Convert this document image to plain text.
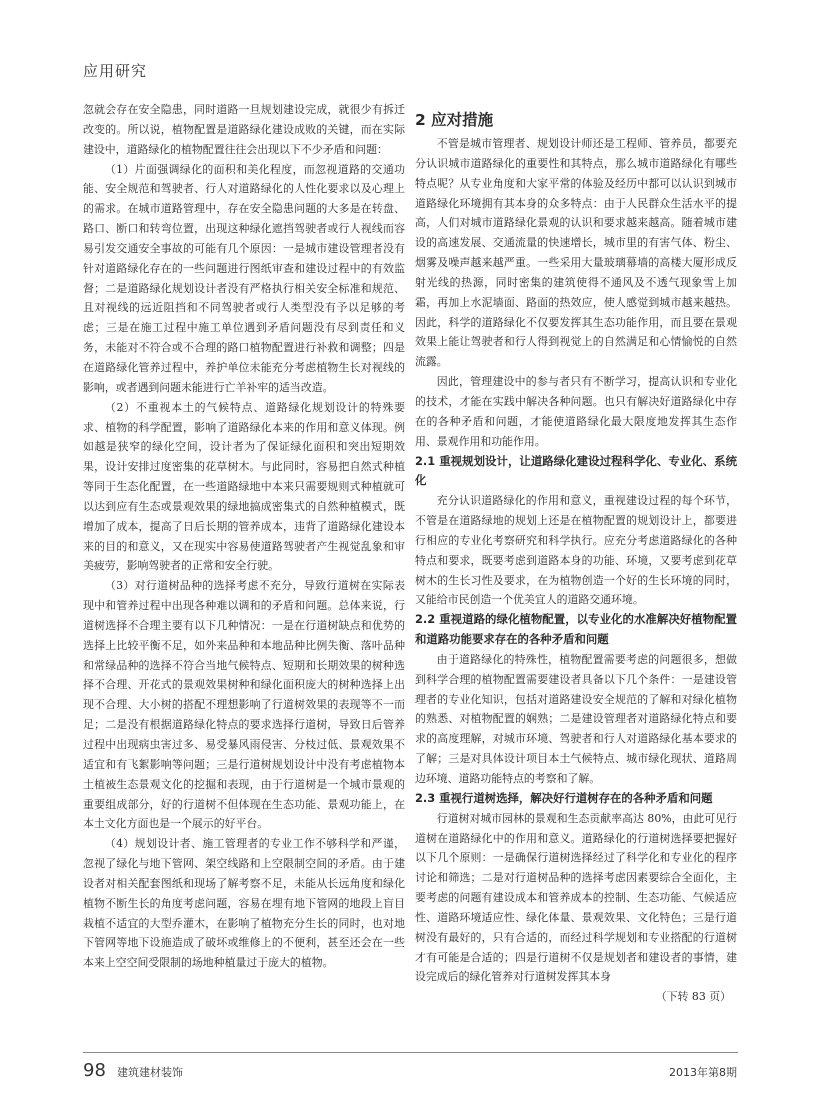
应用研究

忽就会存在安全隐患，同时道路一旦规划建设完成，就很少有拆迁改变的。所以说，植物配置是道路绿化建设成败的关键，而在实际建设中，道路绿化的植物配置往往会出现以下不少矛盾和问题：

（1）片面强调绿化的面积和美化程度，而忽视道路的交通功能、安全规范和驾驶者、行人对道路绿化的人性化要求以及心理上的需求。在城市道路管理中，存在安全隐患问题的大多是在转盘、路口、断口和转弯位置，出现这种绿化遮挡驾驶者或行人视线而容易引发交通安全事故的可能有几个原因：一是城市建设管理者没有针对道路绿化存在的一些问题进行图纸审查和建设过程中的有效监督；二是道路绿化规划设计者没有严格执行相关安全标准和规范、且对视线的远近阻挡和不同驾驶者或行人类型没有予以足够的考虑；三是在施工过程中施工单位遇到矛盾问题没有尽到责任和义务，未能对不符合或不合理的路口植物配置进行补救和调整；四是在道路绿化管养过程中，养护单位未能充分考虑植物生长对视线的影响，或者遇到问题未能进行亡羊补牢的适当改造。

（2）不重视本土的气候特点、道路绿化规划设计的特殊要求、植物的科学配置，影响了道路绿化本来的作用和意义体现。例如越是狭窄的绿化空间，设计者为了保证绿化面积和突出短期效果，设计安排过度密集的花草树木。与此同时，容易把自然式种植等同于生态化配置，在一些道路绿地中本来只需要规则式种植就可以达到应有生态或景观效果的绿地搞成密集式的自然种植模式，既增加了成本，提高了日后长期的管养成本，违背了道路绿化建设本来的目的和意义，又在现实中容易使道路驾驶者产生视觉乱象和审美疲劳，影响驾驶者的正常和安全行驶。

（3）对行道树品种的选择考虑不充分，导致行道树在实际表现中和管养过程中出现各种难以调和的矛盾和问题。总体来说，行道树选择不合理主要有以下几种情况：一是在行道树缺点和优势的选择上比较平衡不足，如外来品种和本地品种比例失衡、落叶品种和常绿品种的选择不符合当地气候特点、短期和长期效果的树种选择不合理、开花式的景观效果树种和绿化面积庞大的树种选择上出现不合理、大小树的搭配不理想影响了行道树效果的表现等不一而足；二是没有根据道路绿化特点的要求选择行道树，导致日后管养过程中出现病虫害过多、易受暴风雨侵害、分枝过低、景观效果不适宜和有飞絮影响等问题；三是行道树规划设计中没有考虑植物本土植被生态景观文化的挖掘和表现，由于行道树是一个城市景观的重要组成部分，好的行道树不但体现在生态功能、景观功能上，在本土文化方面也是一个展示的好平台。

（4）规划设计者、施工管理者的专业工作不够科学和严谨，忽视了绿化与地下管网、架空线路和上空限制空间的矛盾。由于建设者对相关配套图纸和现场了解考察不足，未能从长远角度和绿化植物不断生长的角度考虑问题，容易在埋有地下管网的地段上盲目栽植不适宜的大型乔灌木，在影响了植物充分生长的同时，也对地下管网等地下设施造成了破坏或维修上的不便利，甚至还会在一些本来上空空间受限制的场地种植量过于庞大的植物。

2 应对措施

不管是城市管理者、规划设计师还是工程师、管养员，都要充分认识城市道路绿化的重要性和其特点，那么城市道路绿化有哪些特点呢？从专业角度和大家平常的体验及经历中都可以认识到城市道路绿化环境拥有其本身的众多特点：由于人民群众生活水平的提高，人们对城市道路绿化景观的认识和要求越来越高。随着城市建设的高速发展、交通流量的快速增长，城市里的有害气体、粉尘、烟雾及噪声越来越严重。一些采用大量玻璃幕墙的高楼大厦形成反射光线的热源，同时密集的建筑使得不通风及不透气现象雪上加霜，再加上水泥墙面、路面的热效应，使人感觉到城市越来越热。因此，科学的道路绿化不仅要发挥其生态功能作用，而且要在景观效果上能让驾驶者和行人得到视觉上的自然满足和心情愉悦的自然流露。

因此，管理建设中的参与者只有不断学习，提高认识和专业化的技术，才能在实践中解决各种问题。也只有解决好道路绿化中存在的各种矛盾和问题，才能使道路绿化最大限度地发挥其生态作用、景观作用和功能作用。

2.1 重视规划设计，让道路绿化建设过程科学化、专业化、系统化

充分认识道路绿化的作用和意义，重视建设过程的每个环节，不管是在道路绿地的规划上还是在植物配置的规划设计上，都要进行相应的专业化考察研究和科学执行。应充分考虑道路绿化的各种特点和要求，既要考虑到道路本身的功能、环境，又要考虑到花草树木的生长习性及要求，在为植物创造一个好的生长环境的同时，又能给市民创造一个优美宜人的道路交通环境。

2.2 重视道路的绿化植物配置，以专业化的水准解决好植物配置和道路功能要求存在的各种矛盾和问题

由于道路绿化的特殊性，植物配置需要考虑的问题很多，想做到科学合理的植物配置需要建设者具备以下几个条件：一是建设管理者的专业化知识，包括对道路建设安全规范的了解和对绿化植物的熟悉、对植物配置的娴熟；二是建设管理者对道路绿化特点和要求的高度理解，对城市环境、驾驶者和行人对道路绿化基本要求的了解；三是对具体设计项目本土气候特点、城市绿化现状、道路周边环境、道路功能特点的考察和了解。

2.3 重视行道树选择，解决好行道树存在的各种矛盾和问题

行道树对城市园林的景观和生态贡献率高达 80%，由此可见行道树在道路绿化中的作用和意义。道路绿化的行道树选择要把握好以下几个原则：一是确保行道树选择经过了科学化和专业化的程序讨论和筛选；二是对行道树品种的选择考虑因素要综合全面化，主要考虑的问题有建设成本和管养成本的控制、生态功能、气候适应性、道路环境适应性、绿化体量、景观效果、文化特色；三是行道树没有最好的，只有合适的，而经过科学规划和专业搭配的行道树才有可能是合适的；四是行道树不仅是规划者和建设者的事情，建设完成后的绿化管养对行道树发挥其本身

（下转 83 页）

98 建筑建材装饰	2013年第8期
